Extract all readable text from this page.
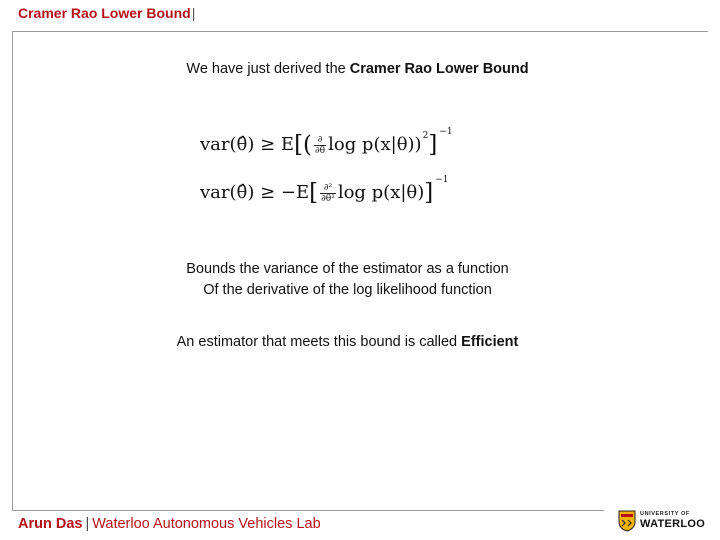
Cramer Rao Lower Bound|
We have just derived the Cramer Rao Lower Bound
var(θ̂) ≥ $E[( \frac{\partial}{\partial\theta}$ log p(x|θ))$^2$] $^{-1}$
var(θ̂) ≥ $-E[ \frac{\text{∂²}}{\text{∂θ²}}$ log p(x|θ)] $^{-1}$
Bounds the variance of the estimator as a function
Of the derivative of the log likelihood function
An estimator that meets this bound is called Efficient
Arun Das | Waterloo Autonomous Vehicles Lab
UNIVERSITY OF
WATERLOO
